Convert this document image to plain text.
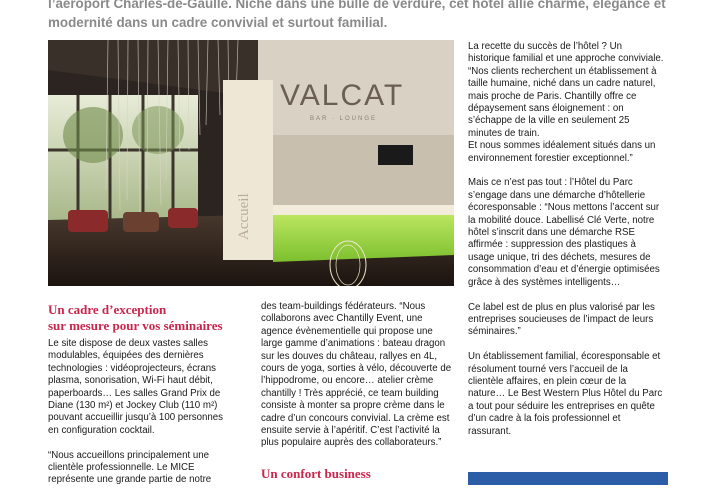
l’aéroport Charles-de-Gaulle. Niché dans une bulle de verdure, cet hôtel allie charme, élégance et modernité dans un cadre convivial et surtout familial.

Accueil
VALCAT
BAR · LOUNGE
Un cadre d’exception
sur mesure pour vos séminaires

Le site dispose de deux vastes salles modulables, équipées des dernières technologies : vidéoprojecteurs, écrans plasma, sonorisation, Wi-Fi haut débit, paperboards… Les salles Grand Prix de Diane (130 m²) et Jockey Club (110 m²) pouvant accueillir jusqu’à 100 personnes en configuration cocktail.

“Nous accueillons principalement une clientèle professionnelle. Le MICE représente une grande partie de notre

des team-buildings fédérateurs. “Nous collaborons avec Chantilly Event, une agence évènementielle qui propose une large gamme d’animations : bateau dragon sur les douves du château, rallyes en 4L, cours de yoga, sorties à vélo, découverte de l’hippodrome, ou encore… atelier crème chantilly ! Très apprécié, ce team building consiste à monter sa propre crème dans le cadre d’un concours convivial. La crème est ensuite servie à l’apéritif. C’est l’activité la plus populaire auprès des collaborateurs.”

Un confort business

La recette du succès de l’hôtel ? Un historique familial et une approche conviviale. “Nos clients recherchent un établissement à taille humaine, niché dans un cadre naturel, mais proche de Paris. Chantilly offre ce dépaysement sans éloignement : on s’échappe de la ville en seulement 25 minutes de train.

Et nous sommes idéalement situés dans un environnement forestier exceptionnel.”

Mais ce n’est pas tout : l’Hôtel du Parc s’engage dans une démarche d’hôtellerie écoresponsable : “Nous mettons l’accent sur la mobilité douce. Labellisé Clé Verte, notre hôtel s’inscrit dans une démarche RSE affirmée : suppression des plastiques à usage unique, tri des déchets, mesures de consommation d’eau et d’énergie optimisées grâce à des systèmes intelligents…

Ce label est de plus en plus valorisé par les entreprises soucieuses de l’impact de leurs séminaires.”

Un établissement familial, écoresponsable et résolument tourné vers l’accueil de la clientèle affaires, en plein cœur de la nature… Le Best Western Plus Hôtel du Parc a tout pour séduire les entreprises en quête d’un cadre à la fois professionnel et rassurant.
